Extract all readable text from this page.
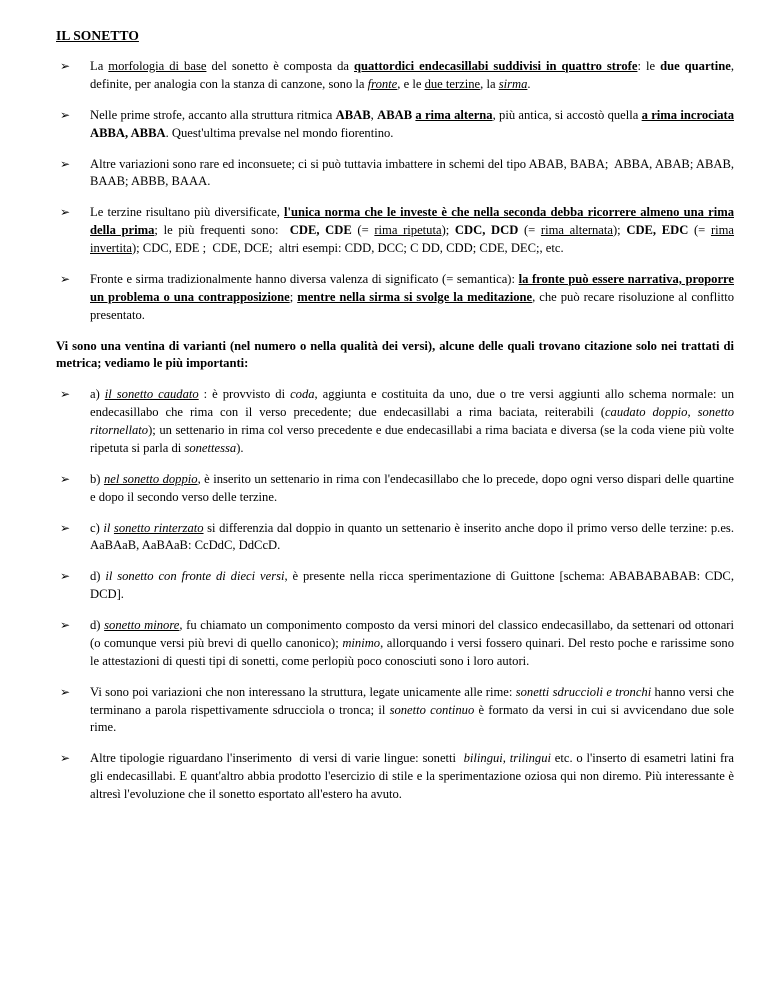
IL SONETTO
➢ La morfologia di base del sonetto è composta da quattordici endecasillabi suddivisi in quattro strofe: le due quartine, definite, per analogia con la stanza di canzone, sono la fronte, e le due terzine, la sirma.
➢ Nelle prime strofe, accanto alla struttura ritmica ABAB, ABAB a rima alterna, più antica, si accostò quella a rima incrociata ABBA, ABBA. Quest'ultima prevalse nel mondo fiorentino.
➢ Altre variazioni sono rare ed inconsuete; ci si può tuttavia imbattere in schemi del tipo ABAB, BABA;  ABBA, ABAB; ABAB, BAAB; ABBB, BAAA.
➢ Le terzine risultano più diversificate, l'unica norma che le investe è che nella seconda debba ricorrere almeno una rima della prima; le più frequenti sono:  CDE, CDE (= rima ripetuta); CDC, DCD (= rima alternata); CDE, EDC (= rima invertita); CDC, EDE ;  CDE, DCE;  altri esempi: CDD, DCC; C DD, CDD; CDE, DEC;, etc.
➢ Fronte e sirma tradizionalmente hanno diversa valenza di significato (= semantica): la fronte può essere narrativa, proporre un problema o una contrapposizione; mentre nella sirma si svolge la meditazione, che può recare risoluzione al conflitto presentato.

Vi sono una ventina di varianti (nel numero o nella qualità dei versi), alcune delle quali trovano citazione solo nei trattati di metrica; vediamo le più importanti:

➢ a) il sonetto caudato : è provvisto di coda, aggiunta e costituita da uno, due o tre versi aggiunti allo schema normale: un endecasillabo che rima con il verso precedente; due endecasillabi a rima baciata, reiterabili (caudato doppio, sonetto ritornellato); un settenario in rima col verso precedente e due endecasillabi a rima baciata e diversa (se la coda viene più volte ripetuta si parla di sonettessa).
➢ b) nel sonetto doppio, è inserito un settenario in rima con l'endecasillabo che lo precede, dopo ogni verso dispari delle quartine e dopo il secondo verso delle terzine.
➢ c) il sonetto rinterzato si differenzia dal doppio in quanto un settenario è inserito anche dopo il primo verso delle terzine: p.es. AaBAaB, AaBAaB: CcDdC, DdCcD.
➢ d) il sonetto con fronte di dieci versi, è presente nella ricca sperimentazione di Guittone [schema: ABABABABAB: CDC, DCD].
➢ d) sonetto minore, fu chiamato un componimento composto da versi minori del classico endecasillabo, da settenari od ottonari (o comunque versi più brevi di quello canonico); minimo, allorquando i versi fossero quinari. Del resto poche e rarissime sono le attestazioni di questi tipi di sonetti, come perlopiù poco conosciuti sono i loro autori.
➢ Vi sono poi variazioni che non interessano la struttura, legate unicamente alle rime: sonetti sdruccioli e tronchi hanno versi che terminano a parola rispettivamente sdrucciola o tronca; il sonetto continuo è formato da versi in cui si avvicendano due sole rime.
➢ Altre tipologie riguardano l'inserimento  di versi di varie lingue: sonetti  bilingui, trilingui etc. o l'inserto di esametri latini fra gli endecasillabi. E quant'altro abbia prodotto l'esercizio di stile e la sperimentazione oziosa qui non diremo. Più interessante è altresì l'evoluzione che il sonetto esportato all'estero ha avuto.
